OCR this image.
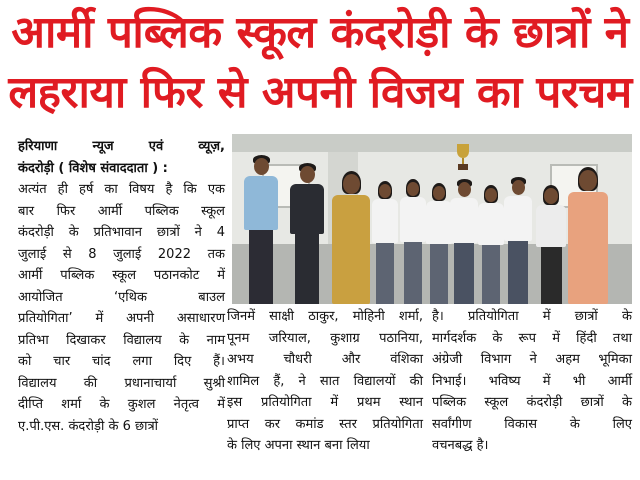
आर्मी पब्लिक स्कूल कंदरोड़ी के छात्रों ने
लहराया फिर से अपनी विजय का परचम

हरियाणा न्यूज एवं व्यूज़,

कंदरोड़ी ( विशेष संवाददाता ) :

अत्यंत ही हर्ष का विषय है कि एक

बार फिर आर्मी पब्लिक स्कूल

कंदरोड़ी के प्रतिभावान छात्रों ने 4

जुलाई से 8 जुलाई 2022 तक

आर्मी पब्लिक स्कूल पठानकोट में

आयोजित ‘एथिक बाउल

प्रतियोगिता’ में अपनी असाधारण

प्रतिभा दिखाकर विद्यालय के नाम

को चार चांद लगा दिए हैं।

विद्यालय की प्रधानाचार्या सुश्री

दीप्ति शर्मा के कुशल नेतृत्व में

ए.पी.एस. कंदरोड़ी के 6 छात्रों

जिनमें साक्षी ठाकुर, मोहिनी शर्मा,

पूनम जरियाल, कुशाग्र पठानिया,

अभय चौधरी और वंशिका

शामिल हैं, ने सात विद्यालयों की

इस प्रतियोगिता में प्रथम स्थान

प्राप्त कर कमांड स्तर प्रतियोगिता

के लिए अपना स्थान बना लिया

है। प्रतियोगिता में छात्रों के

मार्गदर्शक के रूप में हिंदी तथा

अंग्रेजी विभाग ने अहम भूमिका

निभाई। भविष्य में भी आर्मी

पब्लिक स्कूल कंदरोड़ी छात्रों के

सर्वांगीण विकास के लिए

वचनबद्ध है।
